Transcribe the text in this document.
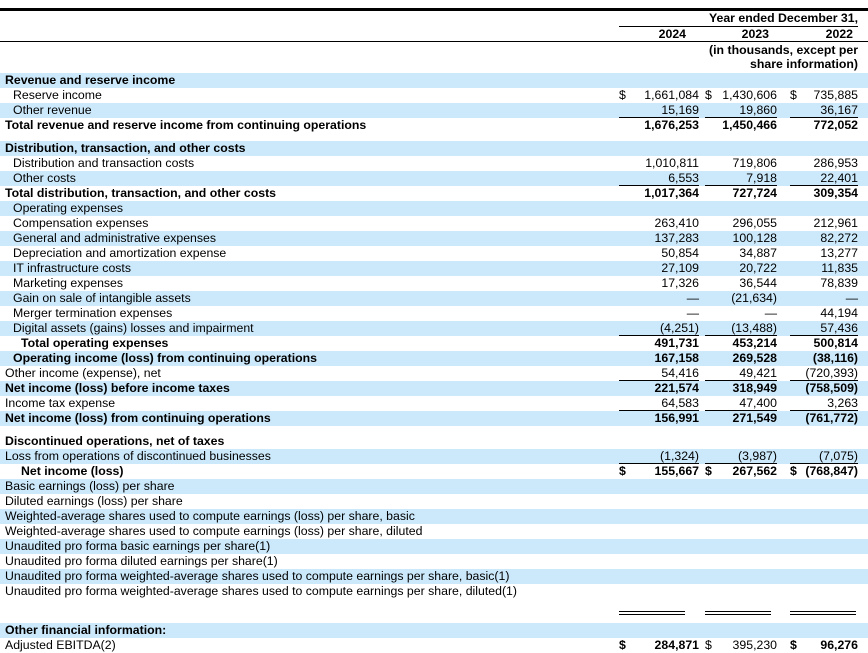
Year ended December 31,
2024	2023	2022
(in thousands, except per share information)
Revenue and reserve income
Reserve income	$ 1,661,084 $ 1,430,606 $ 735,885
Other revenue	15,169	19,860	36,167
Total revenue and reserve income from continuing operations	1,676,253 1,450,466	772,052
Distribution, transaction, and other costs
Distribution and transaction costs	1,010,811	719,806	286,953
Other costs	6,553	7,918	22,401
Total distribution, transaction, and other costs	1,017,364	727,724	309,354
Operating expenses
Compensation expenses	263,410	296,055	212,961
General and administrative expenses	137,283	100,128	82,272
Depreciation and amortization expense	50,854	34,887	13,277
IT infrastructure costs	27,109	20,722	11,835
Marketing expenses	17,326	36,544	78,839
Gain on sale of intangible assets	—	(21,634)	—
Merger termination expenses	—	—	44,194
Digital assets (gains) losses and impairment	(4,251)	(13,488)	57,436
Total operating expenses	491,731	453,214	500,814
Operating income (loss) from continuing operations	167,158	269,528	(38,116)
Other income (expense), net	54,416	49,421 (720,393)
Net income (loss) before income taxes	221,574	318,949 (758,509)
Income tax expense	64,583	47,400	3,263
Net income (loss) from continuing operations	156,991	271,549 (761,772)
Discontinued operations, net of taxes
Loss from operations of discontinued businesses	(1,324)	(3,987)	(7,075)
Net income (loss)	$ 155,667 $ 267,562 $ (768,847)
Basic earnings (loss) per share
Diluted earnings (loss) per share
Weighted-average shares used to compute earnings (loss) per share, basic
Weighted-average shares used to compute earnings (loss) per share, diluted
Unaudited pro forma basic earnings per share(1)
Unaudited pro forma diluted earnings per share(1)
Unaudited pro forma weighted-average shares used to compute earnings per share, basic(1)
Unaudited pro forma weighted-average shares used to compute earnings per share, diluted(1)
Other financial information:
Adjusted EBITDA(2)	$ 284,871 $ 395,230 $ 96,276
